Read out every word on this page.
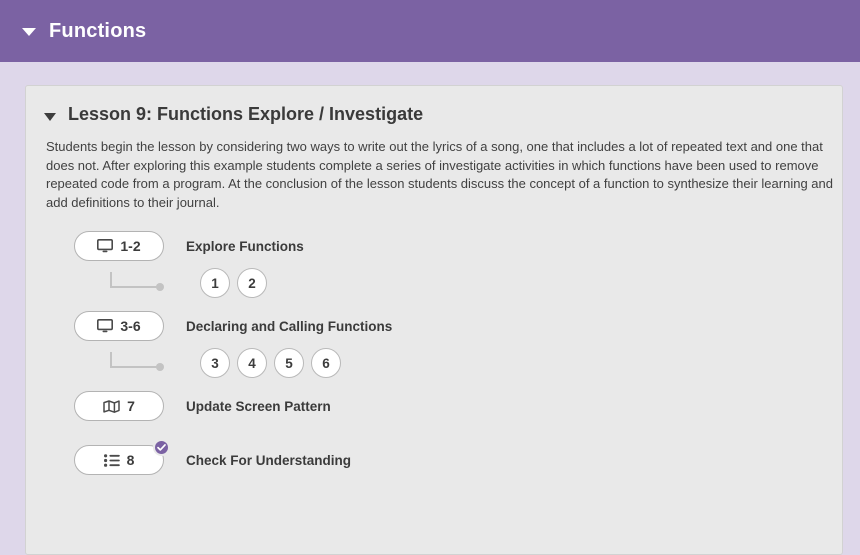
Functions
Lesson 9: Functions Explore / Investigate
Students begin the lesson by considering two ways to write out the lyrics of a song, one that includes a lot of repeated text and one that does not. After exploring this example students complete a series of investigate activities in which functions have been used to remove repeated code from a program. At the conclusion of the lesson students discuss the concept of a function to synthesize their learning and add definitions to their journal.
1-2	Explore Functions
1	2
3-6	Declaring and Calling Functions
3	4	5	6
7	Update Screen Pattern
8	Check For Understanding
